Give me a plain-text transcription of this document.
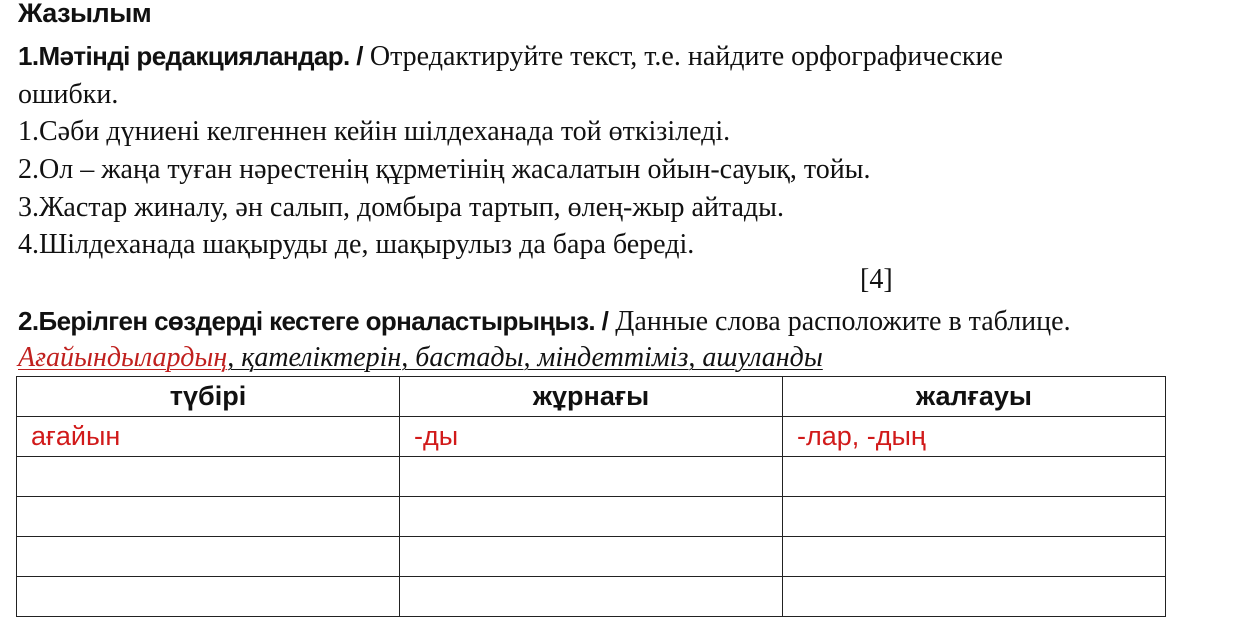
Жазылым
1.Мәтінді редакцияландар. / Отредактируйте текст, т.е. найдите орфографические
ошибки.
1.Сәби дүниені келгеннен кейін шілдеханада той өткізіледі.
2.Ол – жаңа туған нәрестенің құрметінің жасалатын ойын-сауық, тойы.
3.Жастар жиналу, ән салып, домбыра тартып, өлең-жыр айтады.
4.Шілдеханада шақыруды де, шақырулыз да бара береді.
[4]
2.Берілген сөздерді кестеге орналастырыңыз. / Данные слова расположите в таблице.
Ағайындылардың, қателіктерін, бастады, міндеттіміз, ашуланды
түбірі	жұрнағы	жалғауы
ағайын	-ды	-лар, -дың
